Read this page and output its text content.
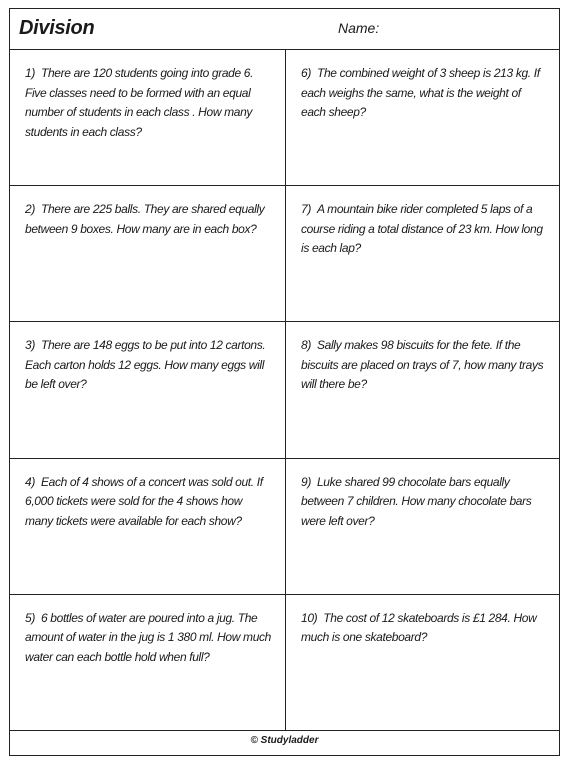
Division	Name:
1) There are 120 students going into grade 6. Five classes need to be formed with an equal number of students in each class . How many students in each class?
6) The combined weight of 3 sheep is 213 kg. If each weighs the same, what is the weight of each sheep?
2) There are 225 balls. They are shared equally between 9 boxes. How many are in each box?
7) A mountain bike rider completed 5 laps of a course riding a total distance of 23 km. How long is each lap?
3) There are 148 eggs to be put into 12 cartons. Each carton holds 12 eggs. How many eggs will be left over?
8) Sally makes 98 biscuits for the fete. If the biscuits are placed on trays of 7, how many trays will there be?
4) Each of 4 shows of a concert was sold out. If 6,000 tickets were sold for the 4 shows how many tickets were available for each show?
9) Luke shared 99 chocolate bars equally between 7 children. How many chocolate bars were left over?
5) 6 bottles of water are poured into a jug. The amount of water in the jug is 1 380 ml. How much water can each bottle hold when full?
10) The cost of 12 skateboards is £1 284. How much is one skateboard?
© Studyladder
